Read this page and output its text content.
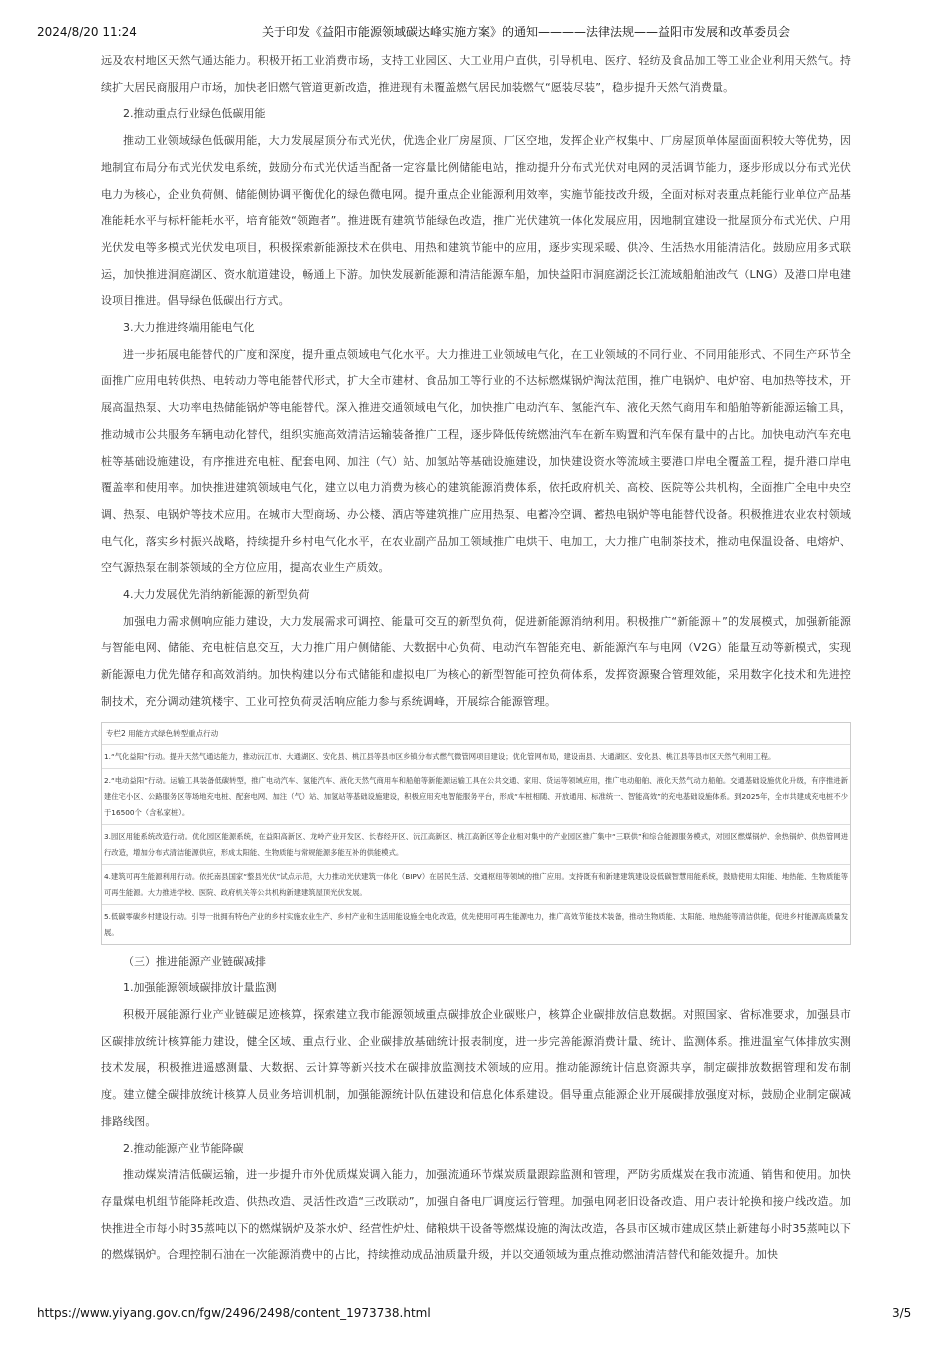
2024/8/20 11:24	关于印发《益阳市能源领域碳达峰实施方案》的通知————法律法规——益阳市发展和改革委员会

远及农村地区天然气通达能力。积极开拓工业消费市场，支持工业园区、大工业用户直供，引导机电、医疗、轻纺及食品加工等工业企业利用天然气。持续扩大居民商服用户市场，加快老旧燃气管道更新改造，推进现有未覆盖燃气居民加装燃气“愿装尽装”，稳步提升天然气消费量。

2.推动重点行业绿色低碳用能

推动工业领域绿色低碳用能，大力发展屋顶分布式光伏，优选企业厂房屋顶、厂区空地，发挥企业产权集中、厂房屋顶单体屋面面积较大等优势，因地制宜布局分布式光伏发电系统，鼓励分布式光伏适当配备一定容量比例储能电站，推动提升分布式光伏对电网的灵活调节能力，逐步形成以分布式光伏电力为核心，企业负荷侧、储能侧协调平衡优化的绿色微电网。提升重点企业能源利用效率，实施节能技改升级，全面对标对表重点耗能行业单位产品基准能耗水平与标杆能耗水平，培育能效“领跑者”。推进既有建筑节能绿色改造，推广光伏建筑一体化发展应用，因地制宜建设一批屋顶分布式光伏、户用光伏发电等多模式光伏发电项目，积极探索新能源技术在供电、用热和建筑节能中的应用，逐步实现采暖、供冷、生活热水用能清洁化。鼓励应用多式联运，加快推进洞庭湖区、资水航道建设，畅通上下游。加快发展新能源和清洁能源车船，加快益阳市洞庭湖泛长江流域船舶油改气（LNG）及港口岸电建设项目推进。倡导绿色低碳出行方式。

3.大力推进终端用能电气化

进一步拓展电能替代的广度和深度，提升重点领域电气化水平。大力推进工业领域电气化，在工业领域的不同行业、不同用能形式、不同生产环节全面推广应用电转供热、电转动力等电能替代形式，扩大全市建材、食品加工等行业的不达标燃煤锅炉淘汰范围，推广电锅炉、电炉窑、电加热等技术，开展高温热泵、大功率电热储能锅炉等电能替代。深入推进交通领域电气化，加快推广电动汽车、氢能汽车、液化天然气商用车和船舶等新能源运输工具，推动城市公共服务车辆电动化替代，组织实施高效清洁运输装备推广工程，逐步降低传统燃油汽车在新车购置和汽车保有量中的占比。加快电动汽车充电桩等基础设施建设，有序推进充电桩、配套电网、加注（气）站、加氢站等基础设施建设，加快建设资水等流域主要港口岸电全覆盖工程，提升港口岸电覆盖率和使用率。加快推进建筑领域电气化，建立以电力消费为核心的建筑能源消费体系，依托政府机关、高校、医院等公共机构，全面推广全电中央空调、热泵、电锅炉等技术应用。在城市大型商场、办公楼、酒店等建筑推广应用热泵、电蓄冷空调、蓄热电锅炉等电能替代设备。积极推进农业农村领域电气化，落实乡村振兴战略，持续提升乡村电气化水平，在农业副产品加工领域推广电烘干、电加工，大力推广电制茶技术，推动电保温设备、电熔炉、空气源热泵在制茶领域的全方位应用，提高农业生产质效。

4.大力发展优先消纳新能源的新型负荷

加强电力需求侧响应能力建设，大力发展需求可调控、能量可交互的新型负荷，促进新能源消纳利用。积极推广“新能源＋”的发展模式，加强新能源与智能电网、储能、充电桩信息交互，大力推广用户侧储能、大数据中心负荷、电动汽车智能充电、新能源汽车与电网（V2G）能量互动等新模式，实现新能源电力优先储存和高效消纳。加快构建以分布式储能和虚拟电厂为核心的新型智能可控负荷体系，发挥资源聚合管理效能，采用数字化技术和先进控制技术，充分调动建筑楼宇、工业可控负荷灵活响应能力参与系统调峰，开展综合能源管理。

专栏2 用能方式绿色转型重点行动
1.“气化益阳”行动。提升天然气通达能力，推动沅江市、大通湖区、安化县、桃江县等县市区乡镇分布式燃气微管网项目建设；优化管网布局，建设南县、大通湖区、安化县、桃江县等县市区天然气利用工程。
2.“电动益阳”行动。运输工具装备低碳转型，推广电动汽车、氢能汽车、液化天然气商用车和船舶等新能源运输工具在公共交通、家用、货运等领域应用，推广电动船舶、液化天然气动力船舶。交通基础设施优化升级，有序推进新建住宅小区、公路服务区等场地充电桩、配套电网、加注（气）站、加氢站等基础设施建设，积极应用充电智能服务平台，形成“车桩相随、开放通用、标准统一、智能高效”的充电基础设施体系。到2025年，全市共建成充电桩不少于16500个（含私家桩）。
3.园区用能系统改造行动。优化园区能源系统，在益阳高新区、龙岭产业开发区、长春经开区、沅江高新区、桃江高新区等企业相对集中的产业园区推广集中“三联供”和综合能源服务模式，对园区燃煤锅炉、余热锅炉、供热管网进行改造，增加分布式清洁能源供应，形成太阳能、生物质能与常规能源多能互补的供能模式。
4.建筑可再生能源利用行动。依托南县国家“整县光伏”试点示范，大力推动光伏建筑一体化（BIPV）在居民生活、交通枢纽等领域的推广应用。支持既有和新建建筑建设设低碳智慧用能系统，鼓励使用太阳能、地热能、生物质能等可再生能源。大力推进学校、医院、政府机关等公共机构新建建筑屋顶光伏发展。
5.低碳零碳乡村建设行动。引导一批拥有特色产业的乡村实施农业生产、乡村产业和生活用能设施全电化改造，优先使用可再生能源电力，推广高效节能技术装备，推动生物质能、太阳能、地热能等清洁供能，促进乡村能源高质量发展。
（三）推进能源产业链碳减排
1.加强能源领域碳排放计量监测

积极开展能源行业产业链碳足迹核算，探索建立我市能源领域重点碳排放企业碳账户，核算企业碳排放信息数据。对照国家、省标准要求，加强县市区碳排放统计核算能力建设，健全区域、重点行业、企业碳排放基础统计报表制度，进一步完善能源消费计量、统计、监测体系。推进温室气体排放实测技术发展，积极推进遥感测量、大数据、云计算等新兴技术在碳排放监测技术领域的应用。推动能源统计信息资源共享，制定碳排放数据管理和发布制度。建立健全碳排放统计核算人员业务培训机制，加强能源统计队伍建设和信息化体系建设。倡导重点能源企业开展碳排放强度对标，鼓励企业制定碳减排路线图。

2.推动能源产业节能降碳

推动煤炭清洁低碳运输，进一步提升市外优质煤炭调入能力，加强流通环节煤炭质量跟踪监测和管理，严防劣质煤炭在我市流通、销售和使用。加快存量煤电机组节能降耗改造、供热改造、灵活性改造“三改联动”，加强自备电厂调度运行管理。加强电网老旧设备改造、用户表计轮换和接户线改造。加快推进全市每小时35蒸吨以下的燃煤锅炉及茶水炉、经营性炉灶、储粮烘干设备等燃煤设施的淘汰改造，各县市区城市建成区禁止新建每小时35蒸吨以下的燃煤锅炉。合理控制石油在一次能源消费中的占比，持续推动成品油质量升级，并以交通领域为重点推动燃油清洁替代和能效提升。加快

https://www.yiyang.gov.cn/fgw/2496/2498/content_1973738.html	3/5
